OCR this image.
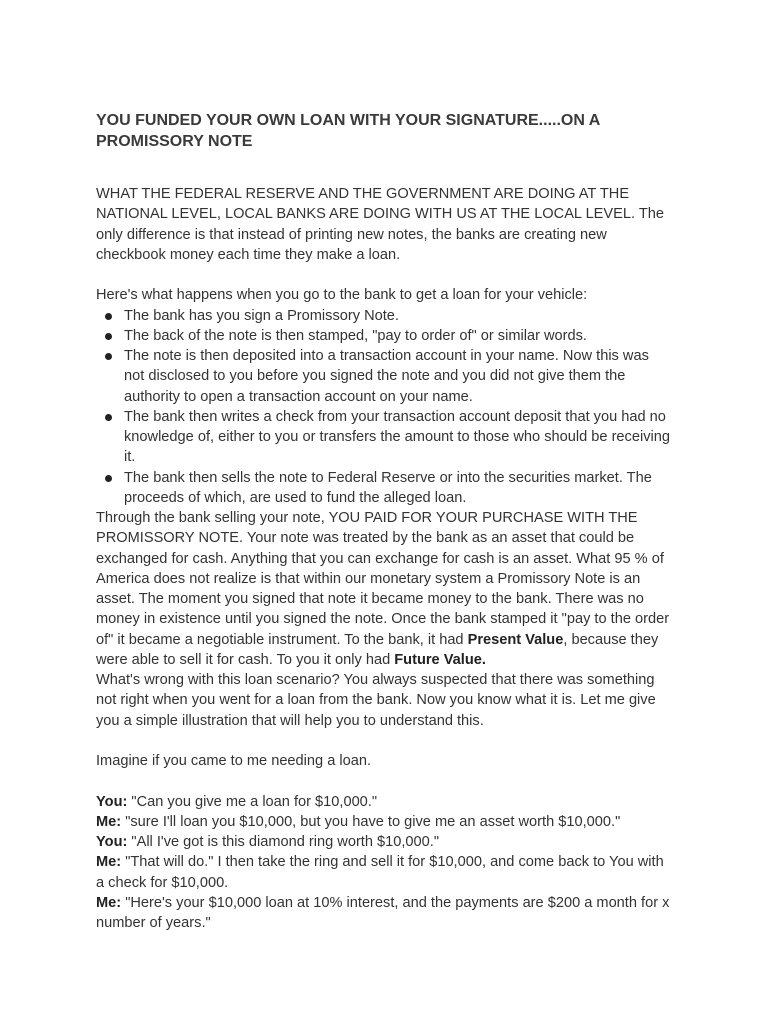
YOU FUNDED YOUR OWN LOAN WITH YOUR SIGNATURE.....ON A PROMISSORY NOTE

WHAT THE FEDERAL RESERVE AND THE GOVERNMENT ARE DOING AT THE NATIONAL LEVEL, LOCAL BANKS ARE DOING WITH US AT THE LOCAL LEVEL. The only difference is that instead of printing new notes, the banks are creating new checkbook money each time they make a loan.

Here's what happens when you go to the bank to get a loan for your vehicle:

The bank has you sign a Promissory Note.
The back of the note is then stamped, "pay to order of" or similar words.
The note is then deposited into a transaction account in your name. Now this was not disclosed to you before you signed the note and you did not give them the authority to open a transaction account on your name.
The bank then writes a check from your transaction account deposit that you had no knowledge of, either to you or transfers the amount to those who should be receiving it.
The bank then sells the note to Federal Reserve or into the securities market. The proceeds of which, are used to fund the alleged loan.

Through the bank selling your note, YOU PAID FOR YOUR PURCHASE WITH THE PROMISSORY NOTE. Your note was treated by the bank as an asset that could be exchanged for cash. Anything that you can exchange for cash is an asset. What 95 % of America does not realize is that within our monetary system a Promissory Note is an asset. The moment you signed that note it became money to the bank. There was no money in existence until you signed the note. Once the bank stamped it "pay to the order of" it became a negotiable instrument. To the bank, it had Present Value, because they were able to sell it for cash. To you it only had Future Value.

What's wrong with this loan scenario? You always suspected that there was something not right when you went for a loan from the bank. Now you know what it is. Let me give you a simple illustration that will help you to understand this.

Imagine if you came to me needing a loan.

You: "Can you give me a loan for $10,000."

Me: "sure I'll loan you $10,000, but you have to give me an asset worth $10,000."

You: "All I've got is this diamond ring worth $10,000."

Me: "That will do." I then take the ring and sell it for $10,000, and come back to You with a check for $10,000.

Me: "Here's your $10,000 loan at 10% interest, and the payments are $200 a month for x number of years."
